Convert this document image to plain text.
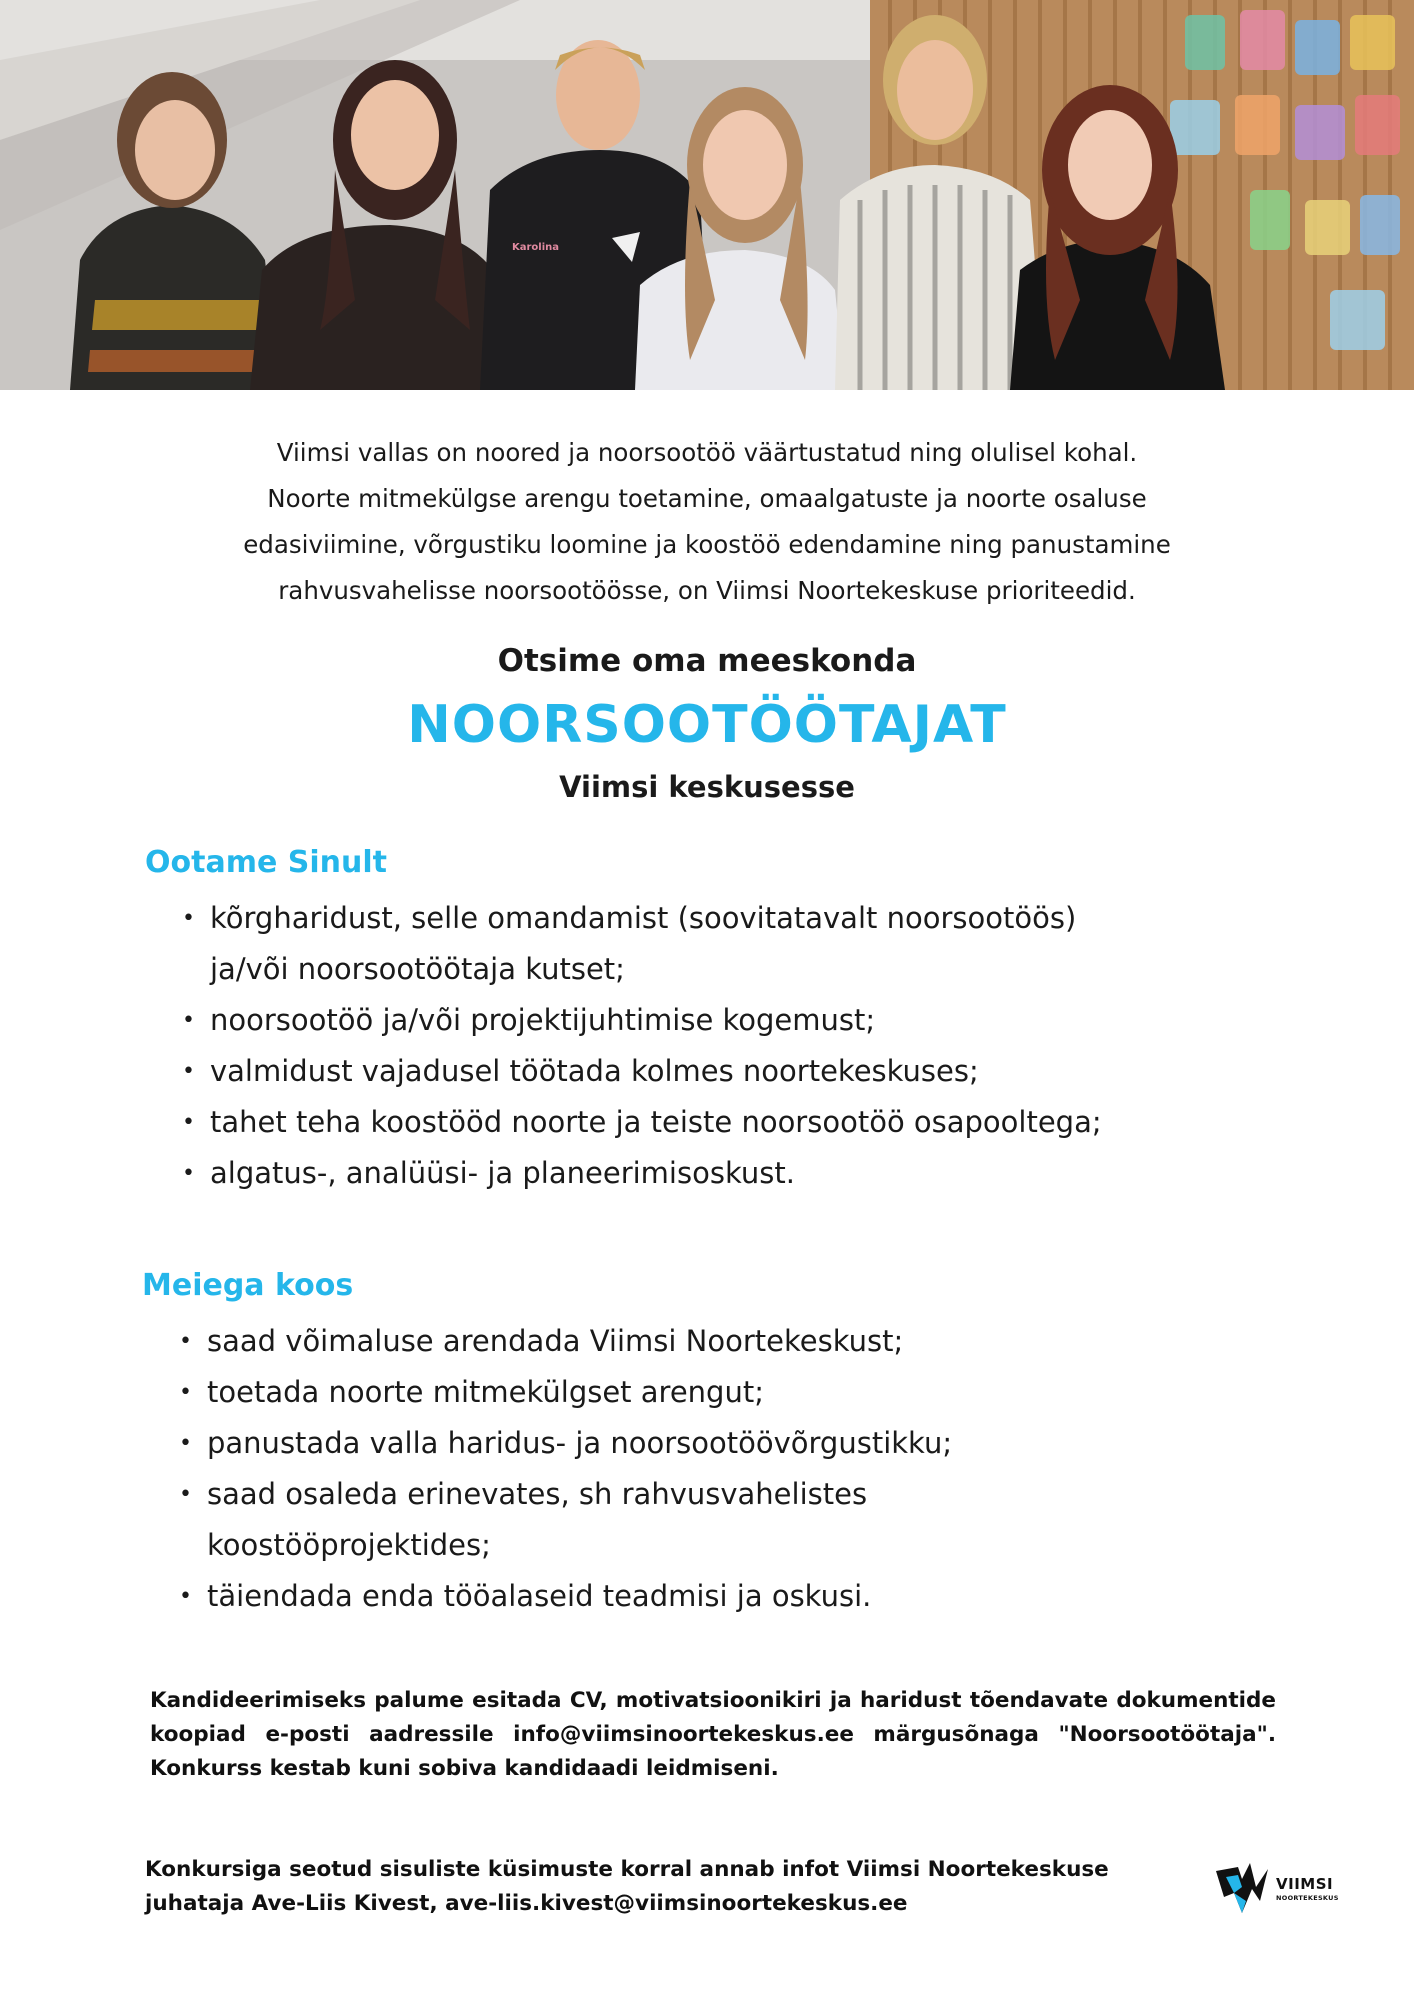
Karolina
Viimsi vallas on noored ja noorsootöö väärtustatud ning olulisel kohal.
Noorte mitmekülgse arengu toetamine, omaalgatuste ja noorte osaluse
edasiviimine, võrgustiku loomine ja koostöö edendamine ning panustamine
rahvusvahelisse noorsootöösse, on Viimsi Noortekeskuse prioriteedid.
Otsime oma meeskonda
NOORSOOTÖÖTAJAT
Viimsi keskusesse
Ootame Sinult
• kõrgharidust, selle omandamist (soovitatavalt noorsootöös)
ja/või noorsootöötaja kutset;
• noorsootöö ja/või projektijuhtimise kogemust;
• valmidust vajadusel töötada kolmes noortekeskuses;
• tahet teha koostööd noorte ja teiste noorsootöö osapooltega;
• algatus-, analüüsi- ja planeerimisoskust.
Meiega koos
• saad võimaluse arendada Viimsi Noortekeskust;
• toetada noorte mitmekülgset arengut;
• panustada valla haridus- ja noorsootöövõrgustikku;
• saad osaleda erinevates, sh rahvusvahelistes
koostööprojektides;
• täiendada enda tööalaseid teadmisi ja oskusi.
Kandideerimiseks palume esitada CV, motivatsioonikiri ja haridust tõendavate dokumentide koopiad e-posti aadressile info@viimsinoortekeskus.ee märgusõnaga "Noorsootöötaja". Konkurss kestab kuni sobiva kandidaadi leidmiseni.
Konkursiga seotud sisuliste küsimuste korral annab infot Viimsi Noortekeskuse
juhataja Ave-Liis Kivest, ave-liis.kivest@viimsinoortekeskus.ee
VIIMSI
NOORTEKESKUS
